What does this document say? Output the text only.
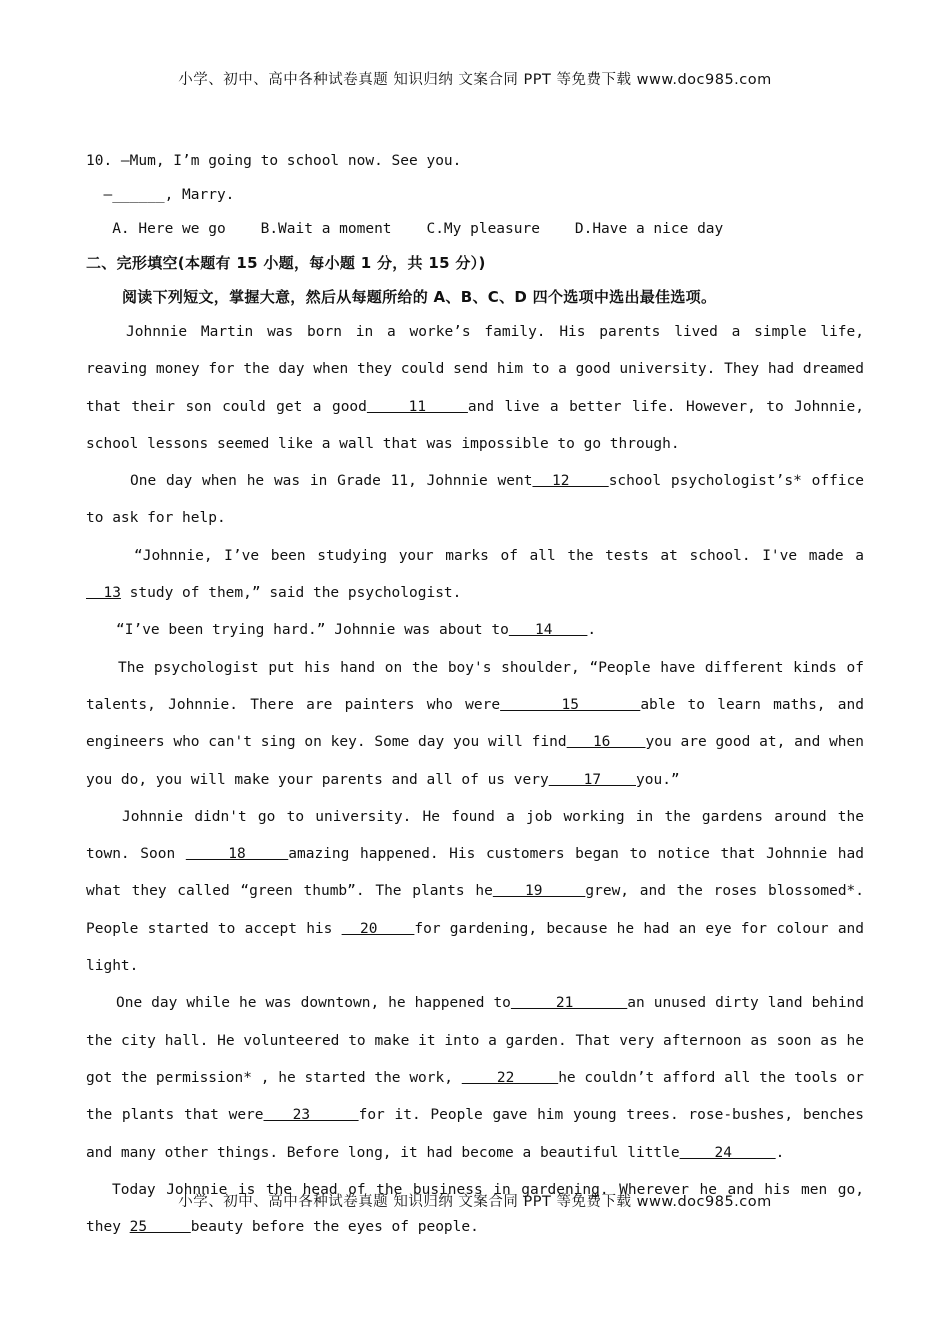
小学、初中、高中各种试卷真题 知识归纳 文案合同 PPT 等免费下载 www.doc985.com
10. —Mum, I’m going to school now. See you.
—______, Marry.
A. Here we go    B.Wait a moment    C.My pleasure    D.Have a nice day
二、完形填空(本题有 15 小题，每小题 1 分，共 15 分）)
阅读下列短文，掌握大意，然后从每题所给的 A、B、C、D 四个选项中选出最佳选项。

Johnnie Martin was born in a worke’s family. His parents lived a simple life, reaving money for the day when they could send him to a good university. They had dreamed that their son could get a good    11    and live a better life. However, to Johnnie, school lessons seemed like a wall that was impossible to go through.

One day when he was in Grade 11, Johnnie went  12    school psychologist’s* office to ask for help.

“Johnnie, I’ve been studying your marks of all the tests at school. I've made a   13 study of them,” said the psychologist.

“I’ve been trying hard.” Johnnie was about to   14    .

The psychologist put his hand on the boy's shoulder, “People have different kinds of talents, Johnnie. There are painters who were     15     able to learn maths, and engineers who can't sing on key. Some day you will find   16    you are good at, and when you do, you will make your parents and all of us very    17    you.”

Johnnie didn't go to university. He found a job working in the gardens around the town. Soon     18    amazing happened. His customers began to notice that Johnnie had what they called “green thumb”. The plants he   19    grew, and the roses blossomed*. People started to accept his   20    for gardening, because he had an eye for colour and light.

One day while he was downtown, he happened to     21      an unused dirty land behind the city hall. He volunteered to make it into a garden. That very afternoon as soon as he got the permission* , he started the work,     22     he couldn’t afford all the tools or the plants that were   23     for it. People gave him young trees. rose-bushes, benches and many other things. Before long, it had become a beautiful little    24     .

Today Johnnie is the head of the business in gardening. Wherever he and his men go, they 25     beauty before the eyes of people.

小学、初中、高中各种试卷真题 知识归纳 文案合同 PPT 等免费下载 www.doc985.com
